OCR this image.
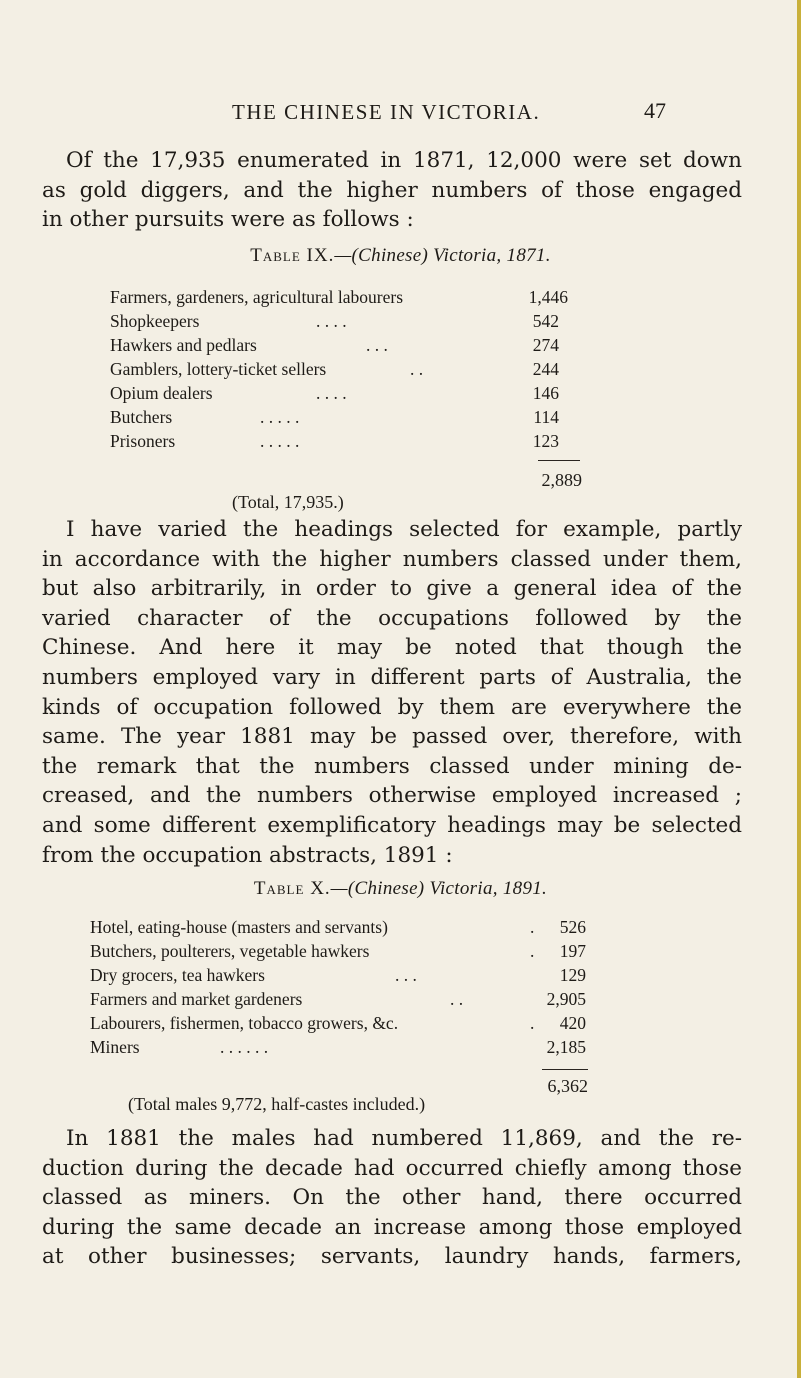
THE CHINESE IN VICTORIA.	47

Of the 17,935 enumerated in 1871, 12,000 were set down
as gold diggers, and the higher numbers of those engaged
in other pursuits were as follows :

Table IX.—(Chinese) Victoria, 1871.
Farmers, gardeners, agricultural labourers	1,446
Shopkeepers	. . . .	542
Hawkers and pedlars	. . .	274
Gamblers, lottery-ticket sellers	. .	244
Opium dealers	. . . .	146
Butchers	. . . . .	114
Prisoners	. . . . .	123
2,889
(Total, 17,935.)

I have varied the headings selected for example, partly
in accordance with the higher numbers classed under them,
but also arbitrarily, in order to give a general idea of the
varied character of the occupations followed by the
Chinese. And here it may be noted that though the
numbers employed vary in different parts of Australia, the
kinds of occupation followed by them are everywhere the
same. The year 1881 may be passed over, therefore, with
the remark that the numbers classed under mining de-
creased, and the numbers otherwise employed increased ;
and some different exemplificatory headings may be selected
from the occupation abstracts, 1891 :

Table X.—(Chinese) Victoria, 1891.
Hotel, eating-house (masters and servants)	.	526
Butchers, poulterers, vegetable hawkers	.	197
Dry grocers, tea hawkers	. . .	129
Farmers and market gardeners	. .	2,905
Labourers, fishermen, tobacco growers, &c.	.	420
Miners	. . . . . .	2,185
6,362
(Total males 9,772, half-castes included.)

In 1881 the males had numbered 11,869, and the re-
duction during the decade had occurred chiefly among those
classed as miners. On the other hand, there occurred
during the same decade an increase among those employed
at other businesses; servants, laundry hands, farmers,
